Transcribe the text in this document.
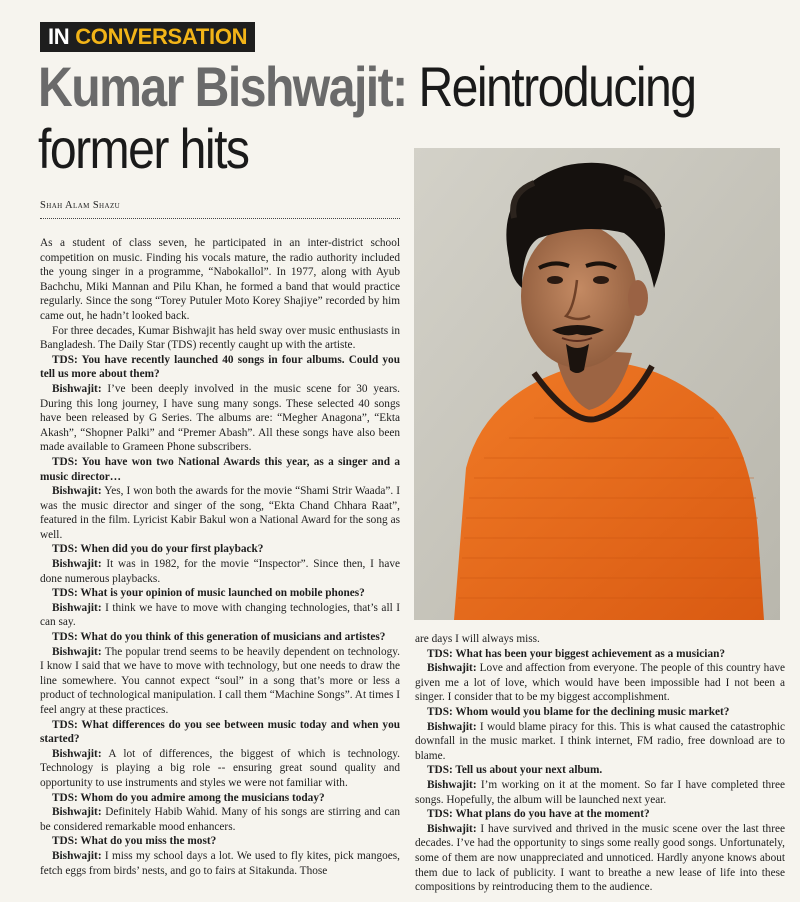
IN CONVERSATION
Kumar Bishwajit: Reintroducing former hits
Shah Alam Shazu

As a student of class seven, he participated in an inter-district school competition on music. Finding his vocals mature, the radio authority included the young singer in a programme, “Nabokallol”. In 1977, along with Ayub Bachchu, Miki Mannan and Pilu Khan, he formed a band that would practice regularly. Since the song “Torey Putuler Moto Korey Shajiye” recorded by him came out, he hadn’t looked back.

For three decades, Kumar Bishwajit has held sway over music enthusiasts in Bangladesh. The Daily Star (TDS) recently caught up with the artiste.

TDS: You have recently launched 40 songs in four albums. Could you tell us more about them?

Bishwajit: I’ve been deeply involved in the music scene for 30 years. During this long journey, I have sung many songs. These selected 40 songs have been released by G Series. The albums are: “Megher Anagona”, “Ekta Akash”, “Shopner Palki” and “Premer Abash”. All these songs have also been made available to Grameen Phone subscribers.

TDS: You have won two National Awards this year, as a singer and a music director…

Bishwajit: Yes, I won both the awards for the movie “Shami Strir Waada”. I was the music director and singer of the song, “Ekta Chand Chhara Raat”, featured in the film. Lyricist Kabir Bakul won a National Award for the song as well.

TDS: When did you do your first playback?

Bishwajit: It was in 1982, for the movie “Inspector”. Since then, I have done numerous playbacks.

TDS: What is your opinion of music launched on mobile phones?

Bishwajit: I think we have to move with changing technologies, that’s all I can say.

TDS: What do you think of this generation of musicians and artistes?

Bishwajit: The popular trend seems to be heavily dependent on technology. I know I said that we have to move with technology, but one needs to draw the line somewhere. You cannot expect “soul” in a song that’s more or less a product of technological manipulation. I call them “Machine Songs”. At times I feel angry at these practices.

TDS: What differences do you see between music today and when you started?

Bishwajit: A lot of differences, the biggest of which is technology. Technology is playing a big role -- ensuring great sound quality and opportunity to use instruments and styles we were not familiar with.

TDS: Whom do you admire among the musicians today?

Bishwajit: Definitely Habib Wahid. Many of his songs are stirring and can be considered remarkable mood enhancers.

TDS: What do you miss the most?

Bishwajit: I miss my school days a lot. We used to fly kites, pick mangoes, fetch eggs from birds’ nests, and go to fairs at Sitakunda. Those

are days I will always miss.

TDS: What has been your biggest achievement as a musician?

Bishwajit: Love and affection from everyone. The people of this country have given me a lot of love, which would have been impossible had I not been a singer. I consider that to be my biggest accomplishment.

TDS: Whom would you blame for the declining music market?

Bishwajit: I would blame piracy for this. This is what caused the catastrophic downfall in the music market. I think internet, FM radio, free download are to blame.

TDS: Tell us about your next album.

Bishwajit: I’m working on it at the moment. So far I have completed three songs. Hopefully, the album will be launched next year.

TDS: What plans do you have at the moment?

Bishwajit: I have survived and thrived in the music scene over the last three decades. I’ve had the opportunity to sings some really good songs. Unfortunately, some of them are now unappreciated and unnoticed. Hardly anyone knows about them due to lack of publicity. I want to breathe a new lease of life into these compositions by reintroducing them to the audience.
